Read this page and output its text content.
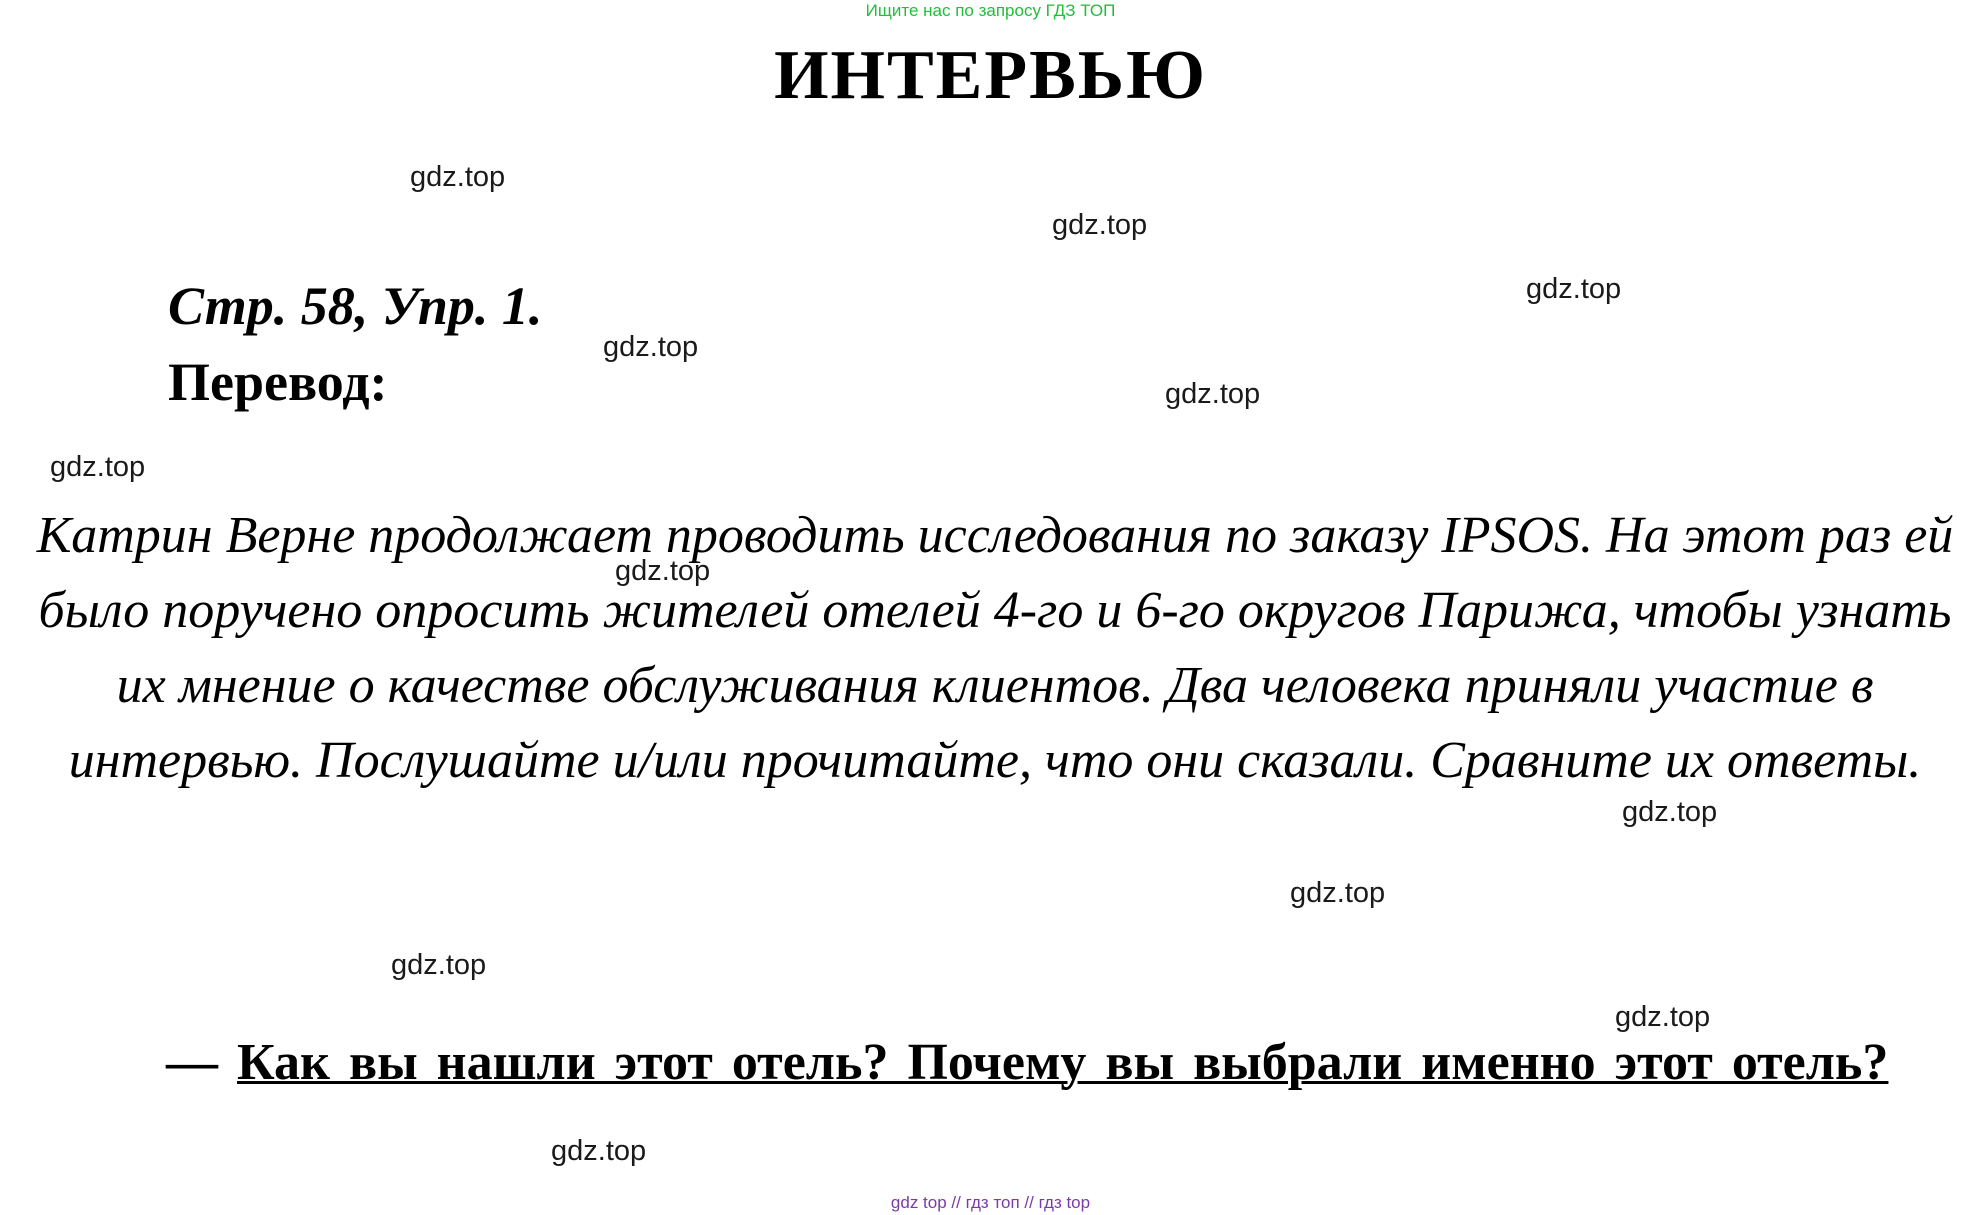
Ищите нас по запросу ГДЗ ТОП
ИНТЕРВЬЮ
Стр. 58, Упр. 1.
Перевод:
Катрин Верне продолжает проводить исследования по заказу IPSOS. На этот раз ей было поручено опросить жителей отелей 4-го и 6-го округов Парижа, чтобы узнать их мнение о качестве обслуживания клиентов. Два человека приняли участие в интервью. Послушайте и/или прочитайте, что они сказали. Сравните их ответы.
— Как вы нашли этот отель? Почему вы выбрали именно этот отель?
gdz.top
gdz.top
gdz.top
gdz.top
gdz.top
gdz.top
gdz.top
gdz.top
gdz.top
gdz.top
gdz.top
gdz.top
gdz top // гдз топ // гдз top
